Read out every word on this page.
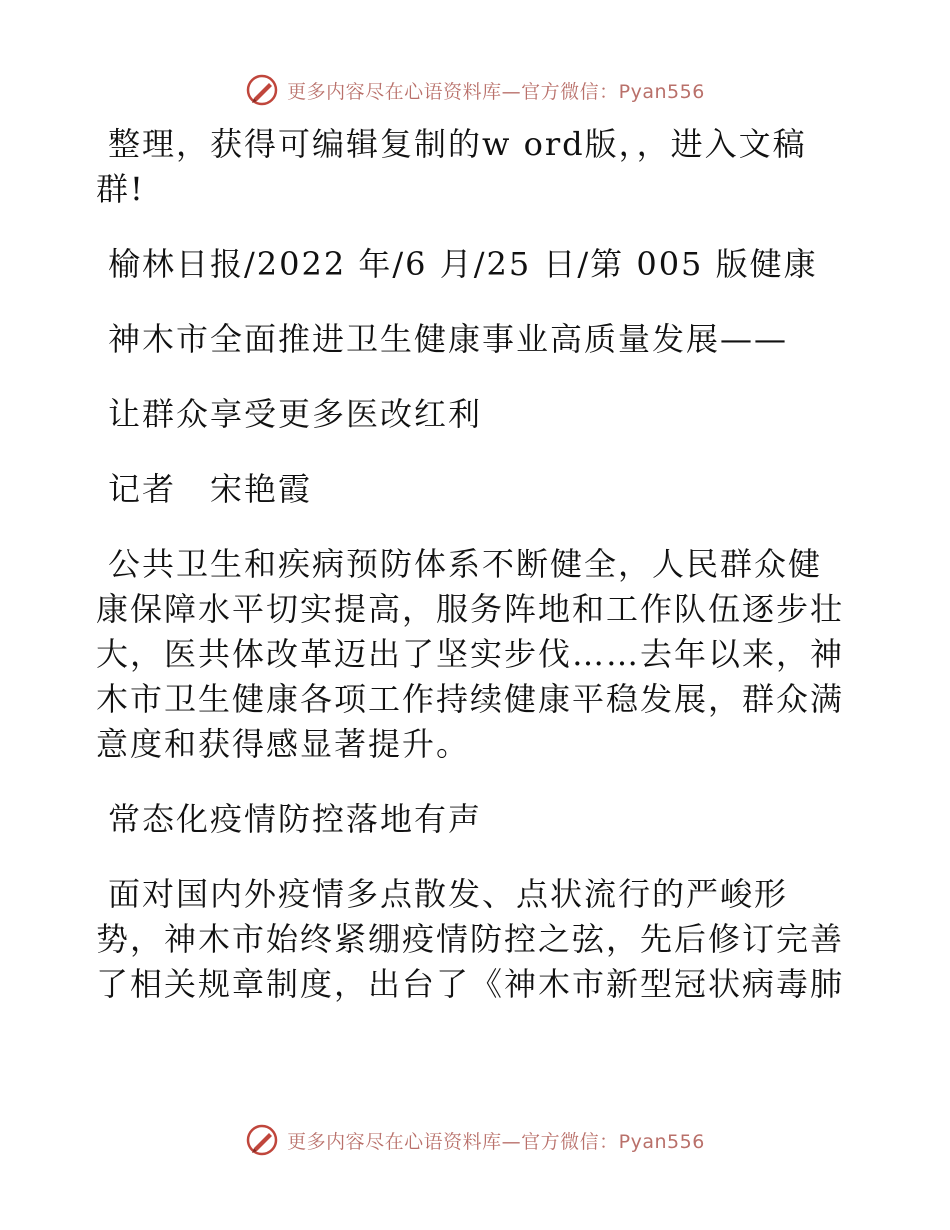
更多内容尽在心语资料库—官方微信：Pyan556
整理，获得可编辑复制的w ord版，，进入文稿
群!
榆林日报/2022 年/6 月/25 日/第 005 版健康
神木市全面推进卫生健康事业高质量发展——
让群众享受更多医改红利
记者　宋艳霞
公共卫生和疾病预防体系不断健全，人民群众健
康保障水平切实提高，服务阵地和工作队伍逐步壮
大，医共体改革迈出了坚实步伐……去年以来，神
木市卫生健康各项工作持续健康平稳发展，群众满
意度和获得感显著提升。
常态化疫情防控落地有声
面对国内外疫情多点散发、点状流行的严峻形
势，神木市始终紧绷疫情防控之弦，先后修订完善
了相关规章制度，出台了《神木市新型冠状病毒肺
更多内容尽在心语资料库—官方微信：Pyan556
